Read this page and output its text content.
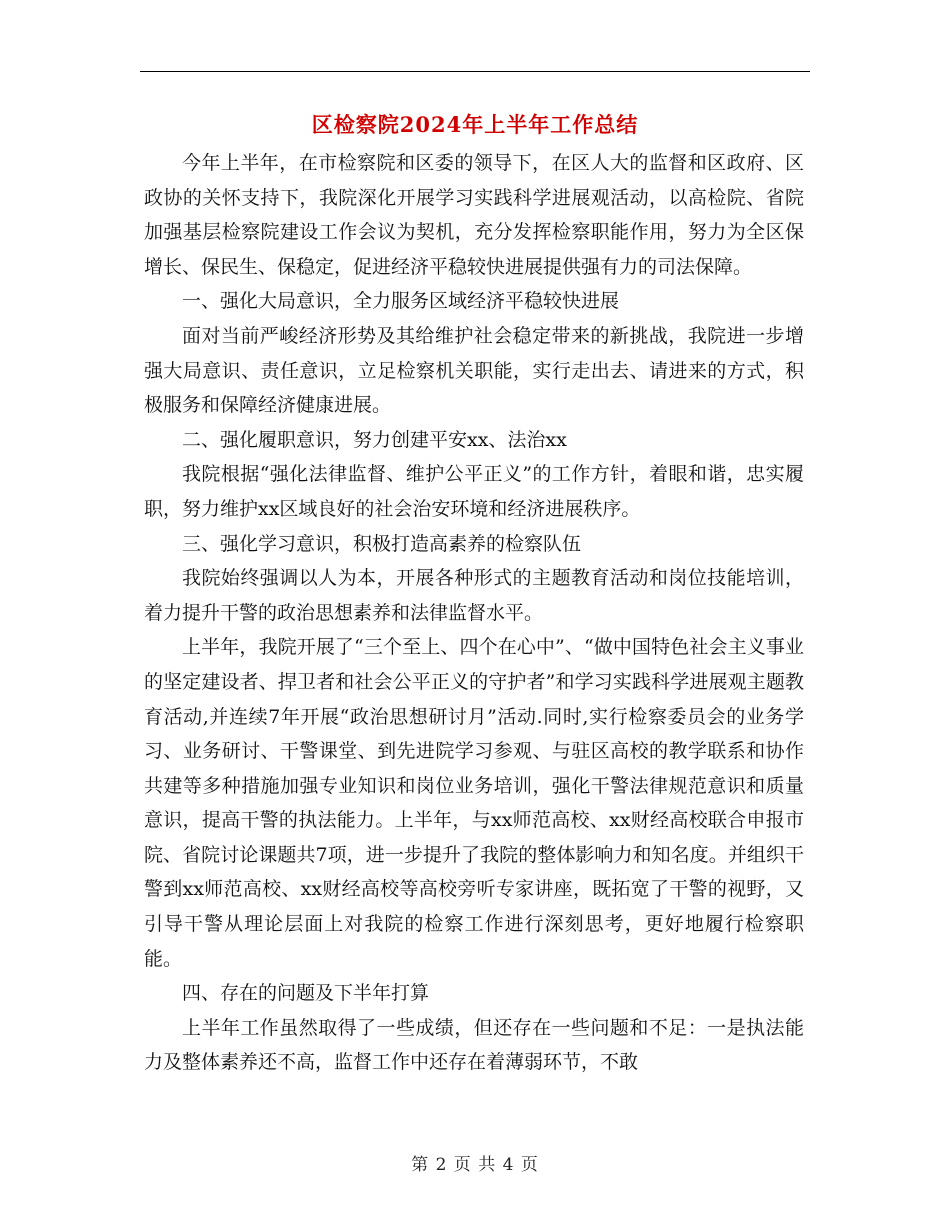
区检察院2024年上半年工作总结

今年上半年，在市检察院和区委的领导下，在区人大的监督和区政府、区政协的关怀支持下，我院深化开展学习实践科学进展观活动，以高检院、省院加强基层检察院建设工作会议为契机，充分发挥检察职能作用，努力为全区保增长、保民生、保稳定，促进经济平稳较快进展提供强有力的司法保障。

一、强化大局意识，全力服务区域经济平稳较快进展

面对当前严峻经济形势及其给维护社会稳定带来的新挑战，我院进一步增强大局意识、责任意识，立足检察机关职能，实行走出去、请进来的方式，积极服务和保障经济健康进展。

二、强化履职意识，努力创建平安xx、法治xx

我院根据“强化法律监督、维护公平正义”的工作方针，着眼和谐，忠实履职，努力维护xx区域良好的社会治安环境和经济进展秩序。

三、强化学习意识，积极打造高素养的检察队伍

我院始终强调以人为本，开展各种形式的主题教育活动和岗位技能培训，着力提升干警的政治思想素养和法律监督水平。

上半年，我院开展了“三个至上、四个在心中”、“做中国特色社会主义事业的坚定建设者、捍卫者和社会公平正义的守护者”和学习实践科学进展观主题教育活动,并连续7年开展“政治思想研讨月”活动.同时,实行检察委员会的业务学习、业务研讨、干警课堂、到先进院学习参观、与驻区高校的教学联系和协作共建等多种措施加强专业知识和岗位业务培训，强化干警法律规范意识和质量意识，提高干警的执法能力。上半年，与xx师范高校、xx财经高校联合申报市院、省院讨论课题共7项，进一步提升了我院的整体影响力和知名度。并组织干警到xx师范高校、xx财经高校等高校旁听专家讲座，既拓宽了干警的视野，又引导干警从理论层面上对我院的检察工作进行深刻思考，更好地履行检察职能。

四、存在的问题及下半年打算

上半年工作虽然取得了一些成绩，但还存在一些问题和不足：一是执法能力及整体素养还不高，监督工作中还存在着薄弱环节，不敢

第 2 页 共 4 页
